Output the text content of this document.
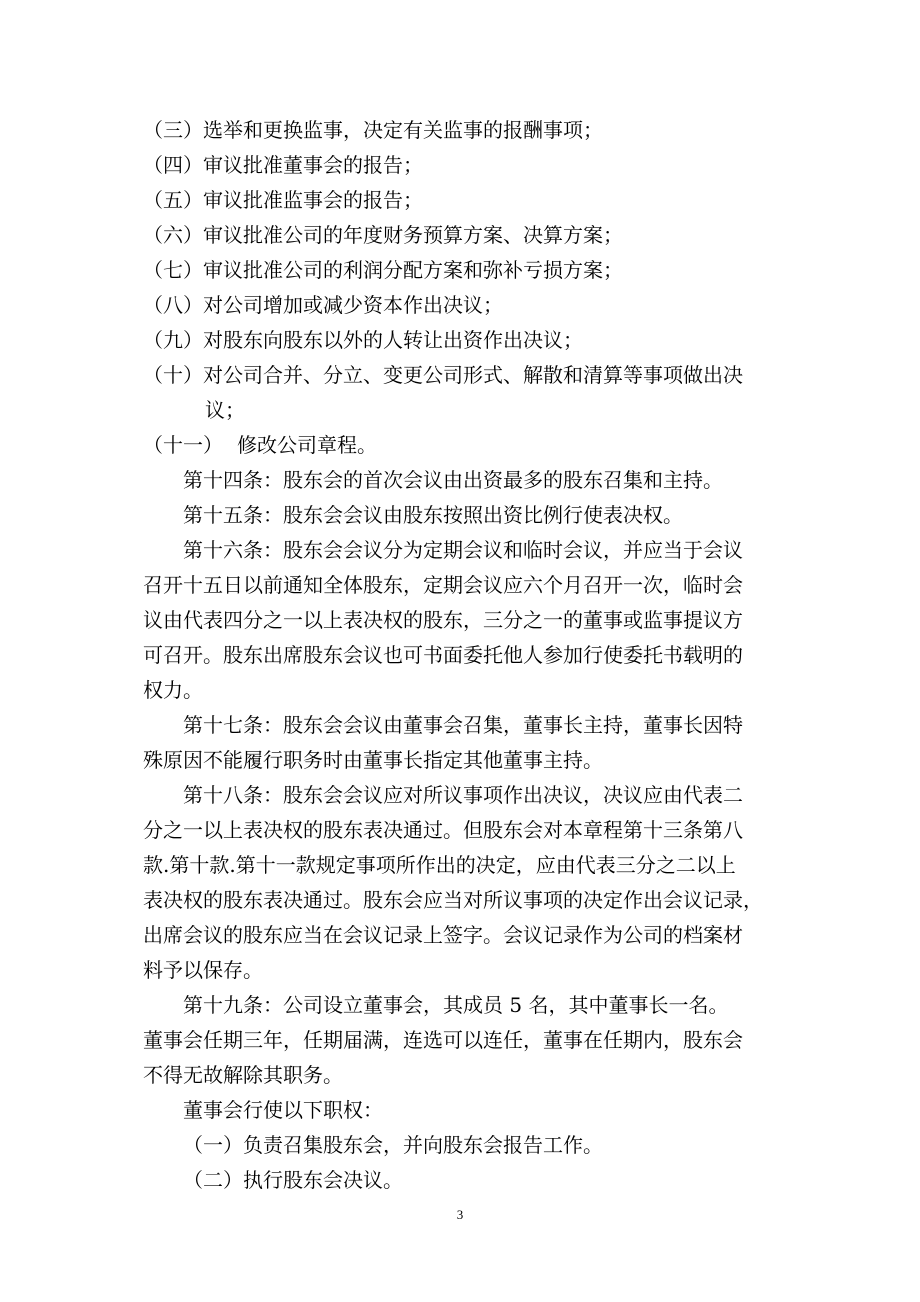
（三）选举和更换监事，决定有关监事的报酬事项；
（四）审议批准董事会的报告；
（五）审议批准监事会的报告；
（六）审议批准公司的年度财务预算方案、决算方案；
（七）审议批准公司的利润分配方案和弥补亏损方案；
（八）对公司增加或减少资本作出决议；
（九）对股东向股东以外的人转让出资作出决议；
（十）对公司合并、分立、变更公司形式、解散和清算等事项做出决
议；
（十一） 修改公司章程。
第十四条：股东会的首次会议由出资最多的股东召集和主持。
第十五条：股东会会议由股东按照出资比例行使表决权。
第十六条：股东会会议分为定期会议和临时会议，并应当于会议
召开十五日以前通知全体股东，定期会议应六个月召开一次，临时会
议由代表四分之一以上表决权的股东，三分之一的董事或监事提议方
可召开。股东出席股东会议也可书面委托他人参加行使委托书载明的
权力。
第十七条：股东会会议由董事会召集，董事长主持，董事长因特
殊原因不能履行职务时由董事长指定其他董事主持。
第十八条：股东会会议应对所议事项作出决议，决议应由代表二
分之一以上表决权的股东表决通过。但股东会对本章程第十三条第八
款.第十款.第十一款规定事项所作出的决定，应由代表三分之二以上
表决权的股东表决通过。股东会应当对所议事项的决定作出会议记录，
出席会议的股东应当在会议记录上签字。会议记录作为公司的档案材
料予以保存。
第十九条：公司设立董事会，其成员 5 名，其中董事长一名。
董事会任期三年，任期届满，连选可以连任，董事在任期内，股东会
不得无故解除其职务。
董事会行使以下职权：
（一）负责召集股东会，并向股东会报告工作。
（二）执行股东会决议。
3
